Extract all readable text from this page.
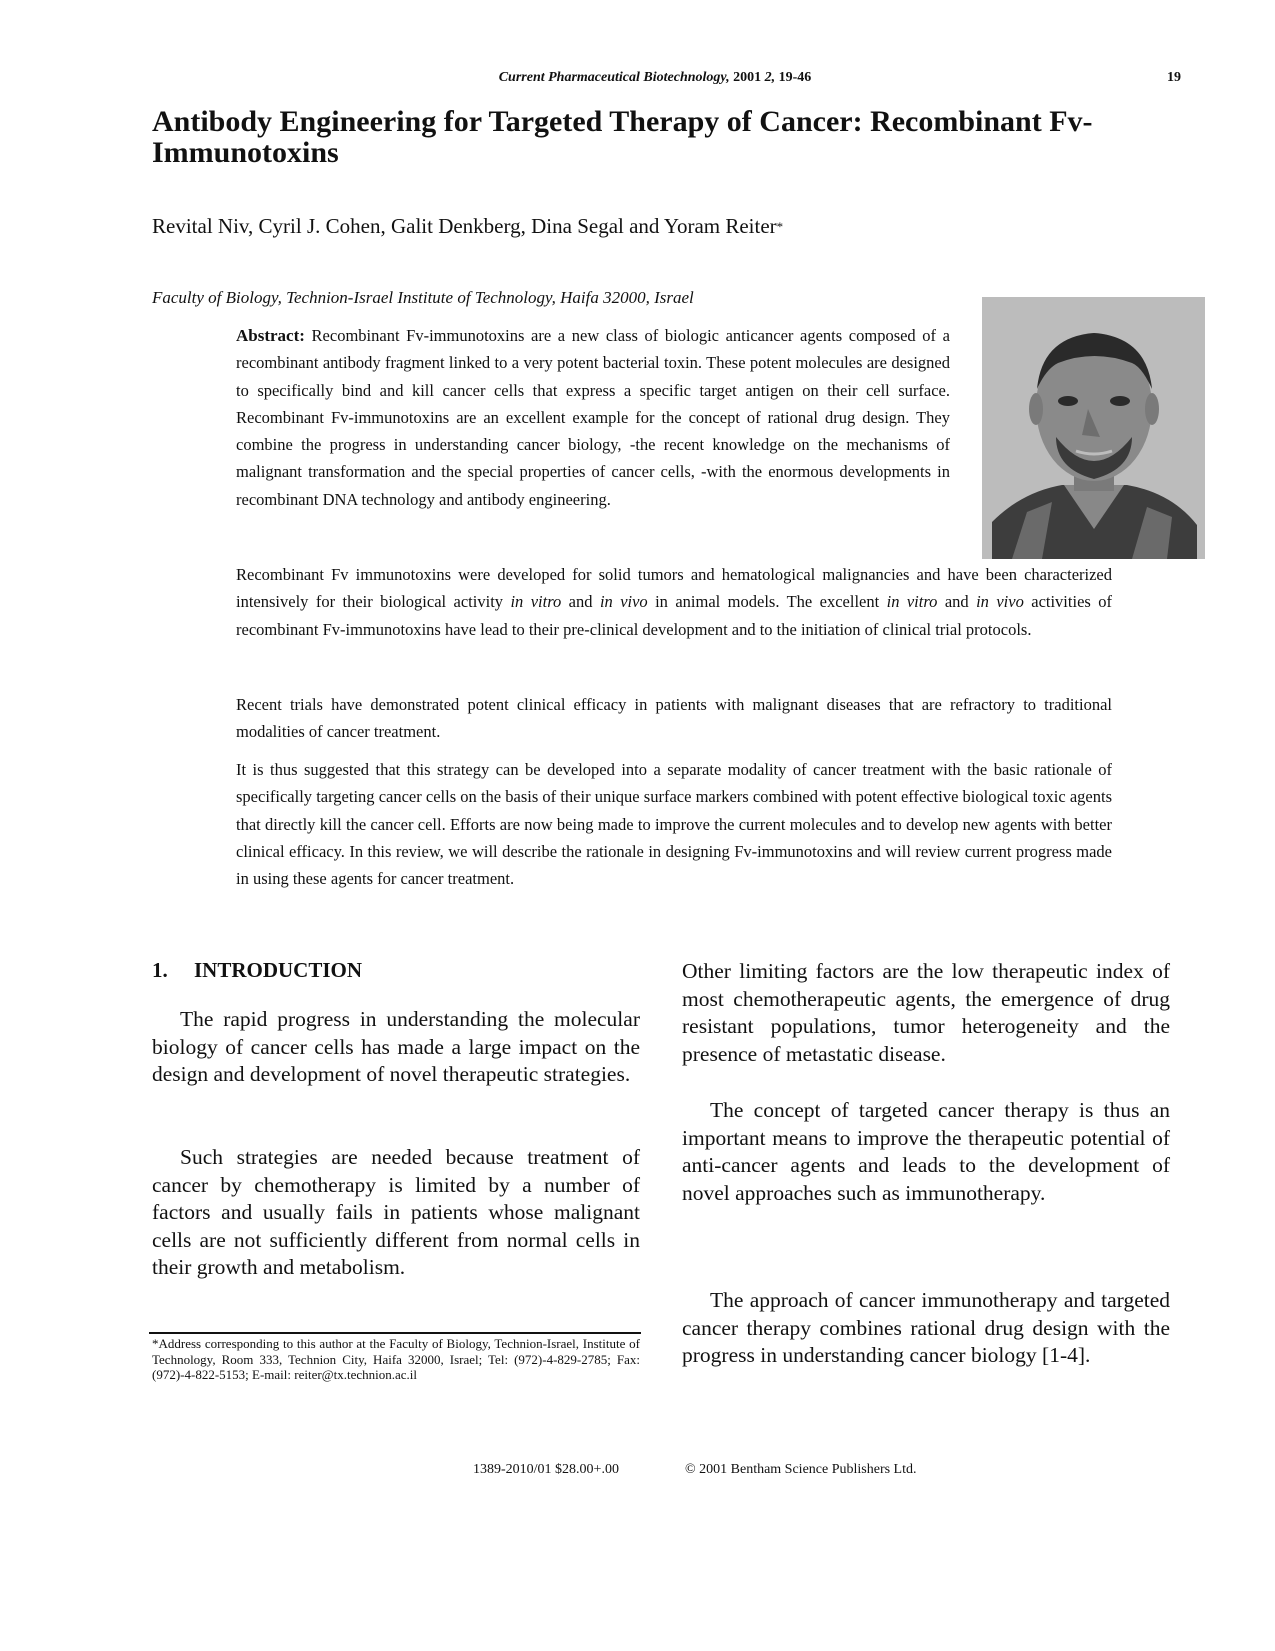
Current Pharmaceutical Biotechnology, 2001 2, 19-46	19
Antibody Engineering for Targeted Therapy of Cancer: Recombinant Fv-
Immunotoxins
Revital Niv, Cyril J. Cohen, Galit Denkberg, Dina Segal and Yoram Reiter*
Faculty of Biology, Technion-Israel Institute of Technology, Haifa 32000, Israel

Abstract: Recombinant Fv-immunotoxins are a new class of biologic anticancer agents composed of a recombinant antibody fragment linked to a very potent bacterial toxin. These potent molecules are designed to specifically bind and kill cancer cells that express a specific target antigen on their cell surface. Recombinant Fv-immunotoxins are an excellent example for the concept of rational drug design. They combine the progress in understanding cancer biology, -the recent knowledge on the mechanisms of malignant transformation and the special properties of cancer cells, -with the enormous developments in recombinant DNA technology and antibody engineering.

Recombinant Fv immunotoxins were developed for solid tumors and hematological malignancies and have been characterized intensively for their biological activity in vitro and in vivo in animal models. The excellent in vitro and in vivo activities of recombinant Fv-immunotoxins have lead to their pre-clinical development and to the initiation of clinical trial protocols.

Recent trials have demonstrated potent clinical efficacy in patients with malignant diseases that are refractory to traditional modalities of cancer treatment.

It is thus suggested that this strategy can be developed into a separate modality of cancer treatment with the basic rationale of specifically targeting cancer cells on the basis of their unique surface markers combined with potent effective biological toxic agents that directly kill the cancer cell. Efforts are now being made to improve the current molecules and to develop new agents with better clinical efficacy. In this review, we will describe the rationale in designing Fv-immunotoxins and will review current progress made in using these agents for cancer treatment.

1. INTRODUCTION

The rapid progress in understanding the molecular biology of cancer cells has made a large impact on the design and development of novel therapeutic strategies.

Such strategies are needed because treatment of cancer by chemotherapy is limited by a number of factors and usually fails in patients whose malignant cells are not sufficiently different from normal cells in their growth and metabolism.

Other limiting factors are the low therapeutic index of most chemotherapeutic agents, the emergence of drug resistant populations, tumor heterogeneity and the presence of metastatic disease.

The concept of targeted cancer therapy is thus an important means to improve the therapeutic potential of anti-cancer agents and leads to the development of novel approaches such as immunotherapy.

The approach of cancer immunotherapy and targeted cancer therapy combines rational drug design with the progress in understanding cancer biology [1-4].

*Address corresponding to this author at the Faculty of Biology, Technion-Israel, Institute of Technology, Room 333, Technion City, Haifa 32000, Israel; Tel: (972)-4-829-2785; Fax: (972)-4-822-5153; E-mail: reiter@tx.technion.ac.il

1389-2010/01 $28.00+.00	© 2001 Bentham Science Publishers Ltd.
